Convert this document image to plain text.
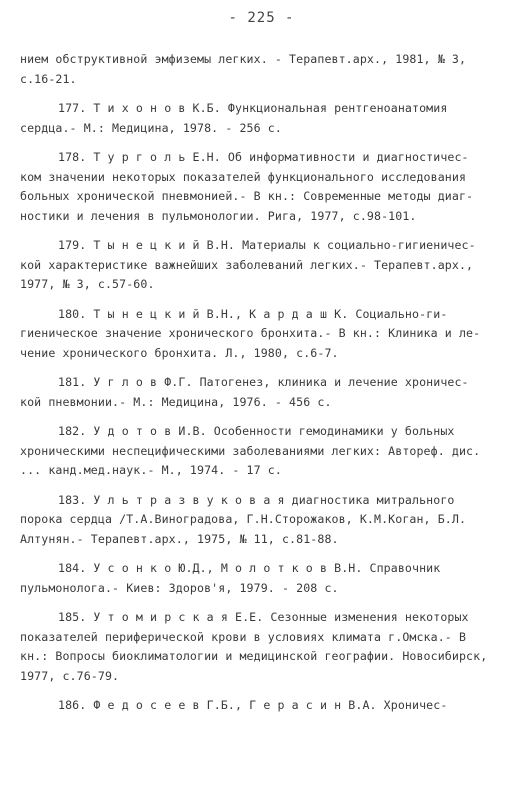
- 225 -
нием обструктивной эмфиземы легких. - Терапевт.арх., 1981, № 3,
с.16-21.
177. Т и х о н о в К.Б. Функциональная рентгеноанатомия
сердца.- М.: Медицина, 1978. - 256 с.
178. Т у р г о л ь Е.Н. Об информативности и диагностичес-
ком значении некоторых показателей функционального исследования
больных хронической пневмонией.- В кн.: Современные методы диаг-
ностики и лечения в пульмонологии. Рига, 1977, с.98-101.
179. Т ы н е ц к и й В.Н. Материалы к социально-гигиеничес-
кой характеристике важнейших заболеваний легких.- Терапевт.арх.,
1977, № 3, с.57-60.
180. Т ы н е ц к и й В.Н., К а р д а ш К. Социально-ги-
гиеническое значение хронического бронхита.- В кн.: Клиника и ле-
чение хронического бронхита. Л., 1980, с.6-7.
181. У г л о в Ф.Г. Патогенез, клиника и лечение хроничес-
кой пневмонии.- М.: Медицина, 1976. - 456 с.
182. У д о т о в И.В. Особенности гемодинамики у больных
хроническими неспецифическими заболеваниями легких: Автореф. дис.
... канд.мед.наук.- М., 1974. - 17 с.
183. У л ь т р а з в у к о в а я диагностика митрального
порока сердца /Т.А.Виноградова, Г.Н.Сторожаков, К.М.Коган, Б.Л.
Алтунян.- Терапевт.арх., 1975, № 11, с.81-88.
184. У с о н к о Ю.Д., М о л о т к о в В.Н. Справочник
пульмонолога.- Киев: Здоров'я, 1979. - 208 с.
185. У т о м и р с к а я Е.Е. Сезонные изменения некоторых
показателей периферической крови в условиях климата г.Омска.- В
кн.: Вопросы биоклиматологии и медицинской географии. Новосибирск,
1977, с.76-79.
186. Ф е д о с е е в Г.Б., Г е р а с и н В.А. Хроничес-
